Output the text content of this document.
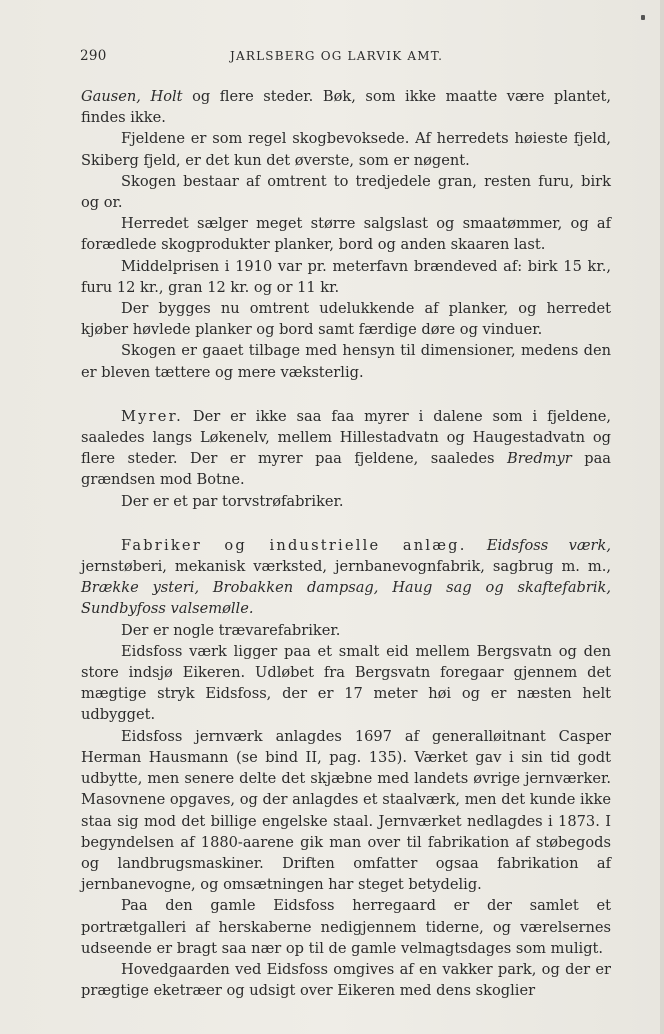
290	JARLSBERG OG LARVIK AMT.

Gausen, Holt og flere steder. Bøk, som ikke maatte være plantet, findes ikke.

Fjeldene er som regel skogbevoksede. Af herredets høieste fjeld, Skiberg fjeld, er det kun det øverste, som er nøgent.

Skogen bestaar af omtrent to tredjedele gran, resten furu, birk og or.

Herredet sælger meget større salgslast og smaatømmer, og af forædlede skogprodukter planker, bord og anden skaaren last.

Middelprisen i 1910 var pr. meterfavn brændeved af: birk 15 kr., furu 12 kr., gran 12 kr. og or 11 kr.

Der bygges nu omtrent udelukkende af planker, og herredet kjøber høvlede planker og bord samt færdige døre og vinduer.

Skogen er gaaet tilbage med hensyn til dimensioner, medens den er bleven tættere og mere væksterlig.

Myrer. Der er ikke saa faa myrer i dalene som i fjeldene, saaledes langs Løkenelv, mellem Hillestadvatn og Haugestadvatn og flere steder. Der er myrer paa fjeldene, saaledes Bredmyr paa grændsen mod Botne.

Der er et par torvstrøfabriker.

Fabriker og industrielle anlæg. Eidsfoss værk, jernstøberi, mekanisk værksted, jernbanevognfabrik, sagbrug m. m., Brække ysteri, Brobakken dampsag, Haug sag og skaftefabrik, Sundbyfoss valsemølle.

Der er nogle trævarefabriker.

Eidsfoss værk ligger paa et smalt eid mellem Bergsvatn og den store indsjø Eikeren. Udløbet fra Bergsvatn foregaar gjennem det mægtige stryk Eidsfoss, der er 17 meter høi og er næsten helt udbygget.

Eidsfoss jernværk anlagdes 1697 af generalløitnant Casper Herman Hausmann (se bind II, pag. 135). Værket gav i sin tid godt udbytte, men senere delte det skjæbne med landets øvrige jernværker. Masovnene opgaves, og der anlagdes et staalværk, men det kunde ikke staa sig mod det billige engelske staal. Jernværket nedlagdes i 1873. I begyndelsen af 1880-aarene gik man over til fabrikation af støbegods og landbrugsmaskiner. Driften omfatter ogsaa fabrikation af jernbanevogne, og omsætningen har steget betydelig.

Paa den gamle Eidsfoss herregaard er der samlet et portrætgalleri af herskaberne nedigjennem tiderne, og værelsernes udseende er bragt saa nær op til de gamle velmagtsdages som muligt.

Hovedgaarden ved Eidsfoss omgives af en vakker park, og der er prægtige eketræer og udsigt over Eikeren med dens skoglier
